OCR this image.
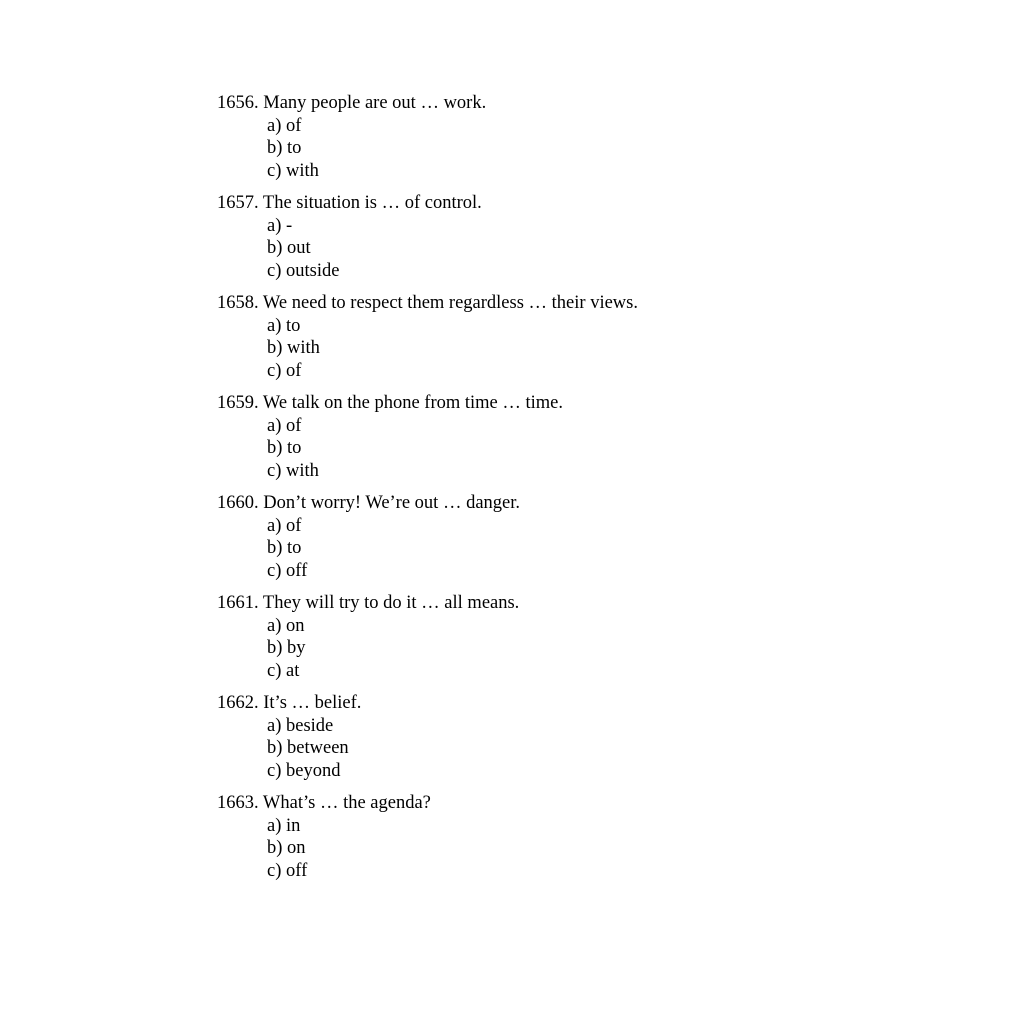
1656. Many people are out … work.
a) of
b) to
c) with
1657. The situation is … of control.
a) -
b) out
c) outside
1658. We need to respect them regardless … their views.
a) to
b) with
c) of
1659. We talk on the phone from time … time.
a) of
b) to
c) with
1660. Don’t worry! We’re out … danger.
a) of
b) to
c) off
1661. They will try to do it … all means.
a) on
b) by
c) at
1662. It’s … belief.
a) beside
b) between
c) beyond
1663. What’s … the agenda?
a) in
b) on
c) off
